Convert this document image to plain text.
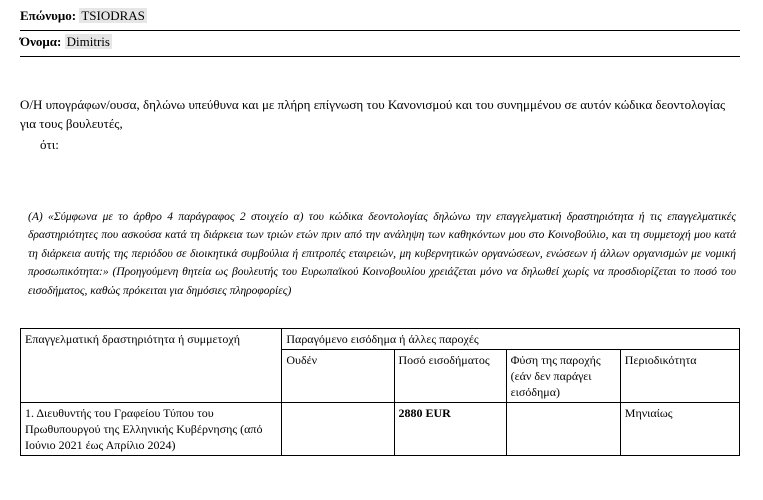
Επώνυμο: TSIODRAS
Όνομα: Dimitris
Ο/Η υπογράφων/ουσα, δηλώνω υπεύθυνα και με πλήρη επίγνωση του Κανονισμού και του συνημμένου σε αυτόν κώδικα δεοντολογίας για τους βουλευτές,
ότι:
(Α) «Σύμφωνα με το άρθρο 4 παράγραφος 2 στοιχείο α) του κώδικα δεοντολογίας δηλώνω την επαγγελματική δραστηριότητα ή τις επαγγελματικές δραστηριότητες που ασκούσα κατά τη διάρκεια των τριών ετών πριν από την ανάληψη των καθηκόντων μου στο Κοινοβούλιο, και τη συμμετοχή μου κατά τη διάρκεια αυτής της περιόδου σε διοικητικά συμβούλια ή επιτροπές εταιρειών, μη κυβερνητικών οργανώσεων, ενώσεων ή άλλων οργανισμών με νομική προσωπικότητα:» (Προηγούμενη θητεία ως βουλευτής του Ευρωπαϊκού Κοινοβουλίου χρειάζεται μόνο να δηλωθεί χωρίς να προσδιορίζεται το ποσό του εισοδήματος, καθώς πρόκειται για δημόσιες πληροφορίες)
Επαγγελματική δραστηριότητα ή συμμετοχή	Παραγόμενο εισόδημα ή άλλες παροχές			
	Ουδέν	Ποσό εισοδήματος	Φύση της παροχής (εάν δεν παράγει εισόδημα)	Περιοδικότητα
1. Διευθυντής του Γραφείου Τύπου του Πρωθυπουργού της Ελληνικής Κυβέρνησης (από Ιούνιο 2021 έως Απρίλιο 2024)		2880 EUR		Μηνιαίως
